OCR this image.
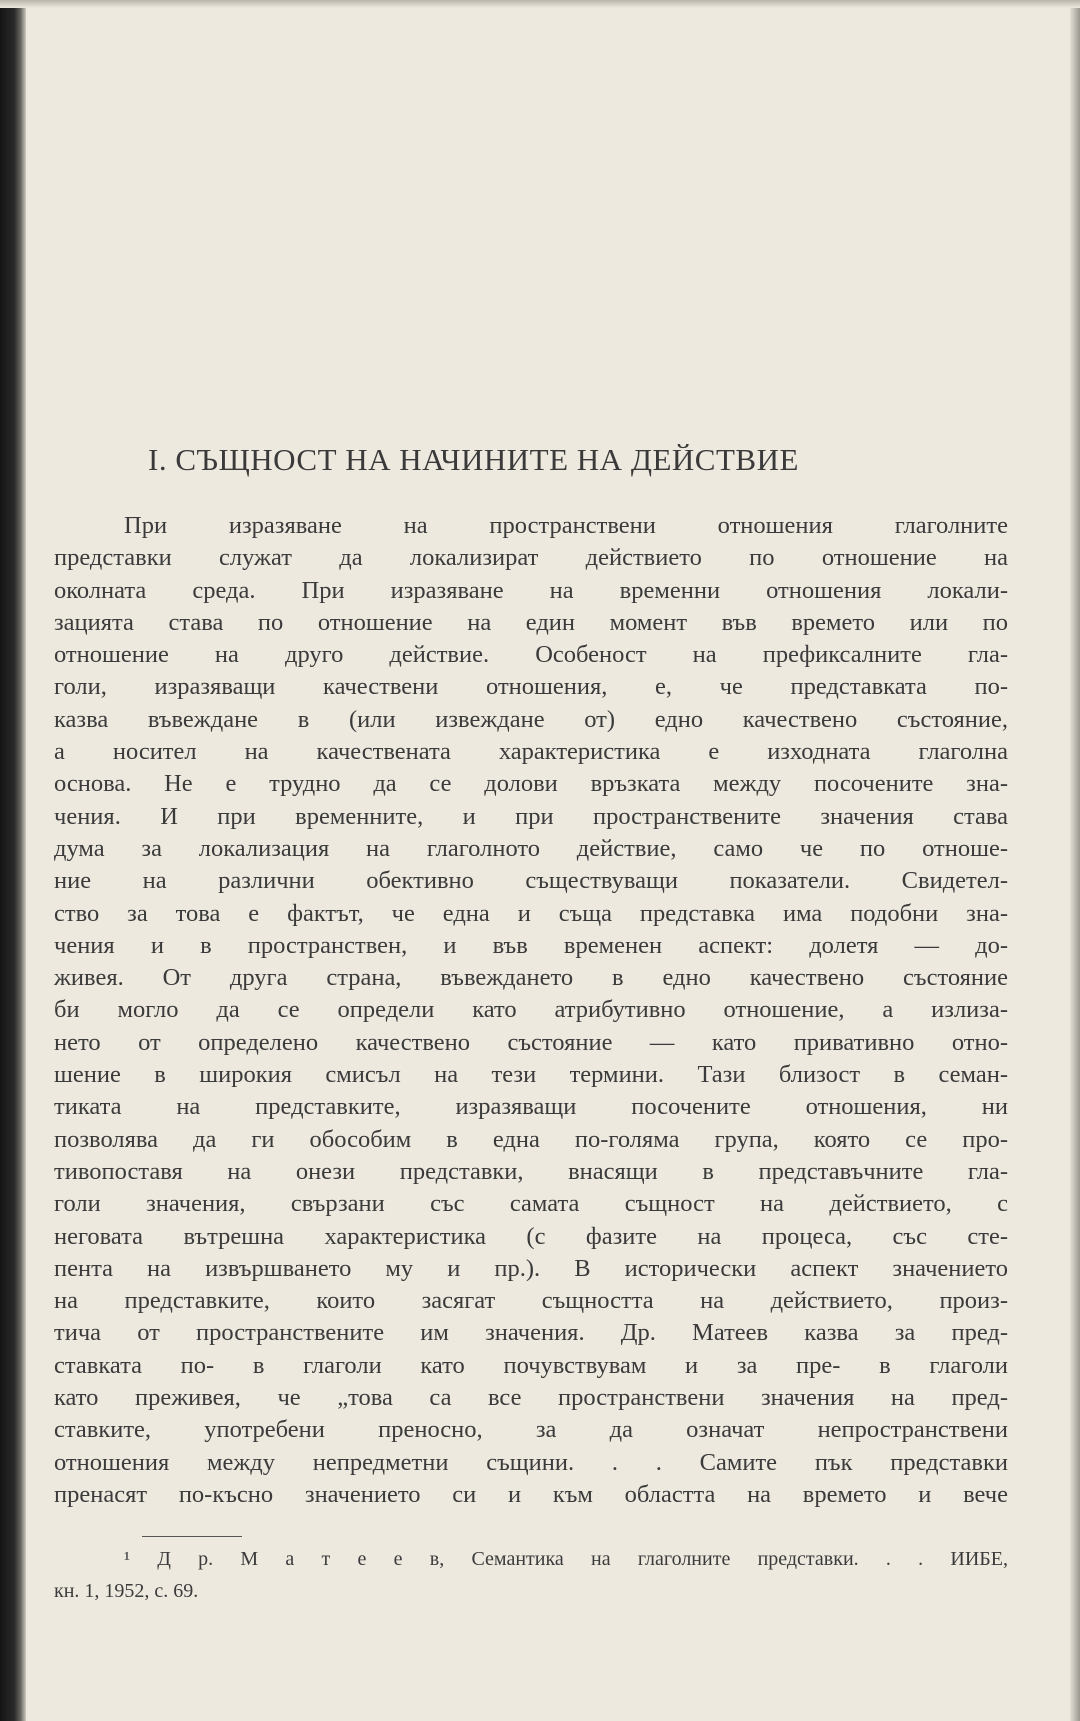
I. СЪЩНОСТ НА НАЧИНИТЕ НА ДЕЙСТВИЕ
При изразяване на пространствени отношения глаголните
представки служат да локализират действието по отношение на
околната среда. При изразяване на временни отношения локали-
зацията става по отношение на един момент във времето или по
отношение на друго действие. Особеност на префиксалните гла-
голи, изразяващи качествени отношения, е, че представката по-
казва въвеждане в (или извеждане от) едно качествено състояние,
а носител на качествената характеристика е изходната глаголна
основа. Не е трудно да се долови връзката между посочените зна-
чения. И при временните, и при пространствените значения става
дума за локализация на глаголното действие, само че по отноше-
ние на различни обективно съществуващи показатели. Свидетел-
ство за това е фактът, че една и съща представка има подобни зна-
чения и в пространствен, и във временен аспект: долетя — до-
живея. От друга страна, въвеждането в едно качествено състояние
би могло да се определи като атрибутивно отношение, а излиза-
нето от определено качествено състояние — като привативно отно-
шение в широкия смисъл на тези термини. Тази близост в семан-
тиката на представките, изразяващи посочените отношения, ни
позволява да ги обособим в една по-голяма група, която се про-
тивопоставя на онези представки, внасящи в представъчните гла-
голи значения, свързани със самата същност на действието, с
неговата вътрешна характеристика (с фазите на процеса, със сте-
пента на извършването му и пр.). В исторически аспект значението
на представките, които засягат същността на действието, произ-
тича от пространствените им значения. Др. Матеев казва за пред-
ставката по- в глаголи като почувствувам и за пре- в глаголи
като преживея, че „това са все пространствени значения на пред-
ставките, употребени преносно, за да означат непространствени
отношения между непредметни същини. . . Самите пък представки
пренасят по-късно значението си и към областта на времето и вече
¹ Д р. М а т е е в, Семантика на глаголните представки. . . ИИБЕ,
кн. 1, 1952, с. 69.
